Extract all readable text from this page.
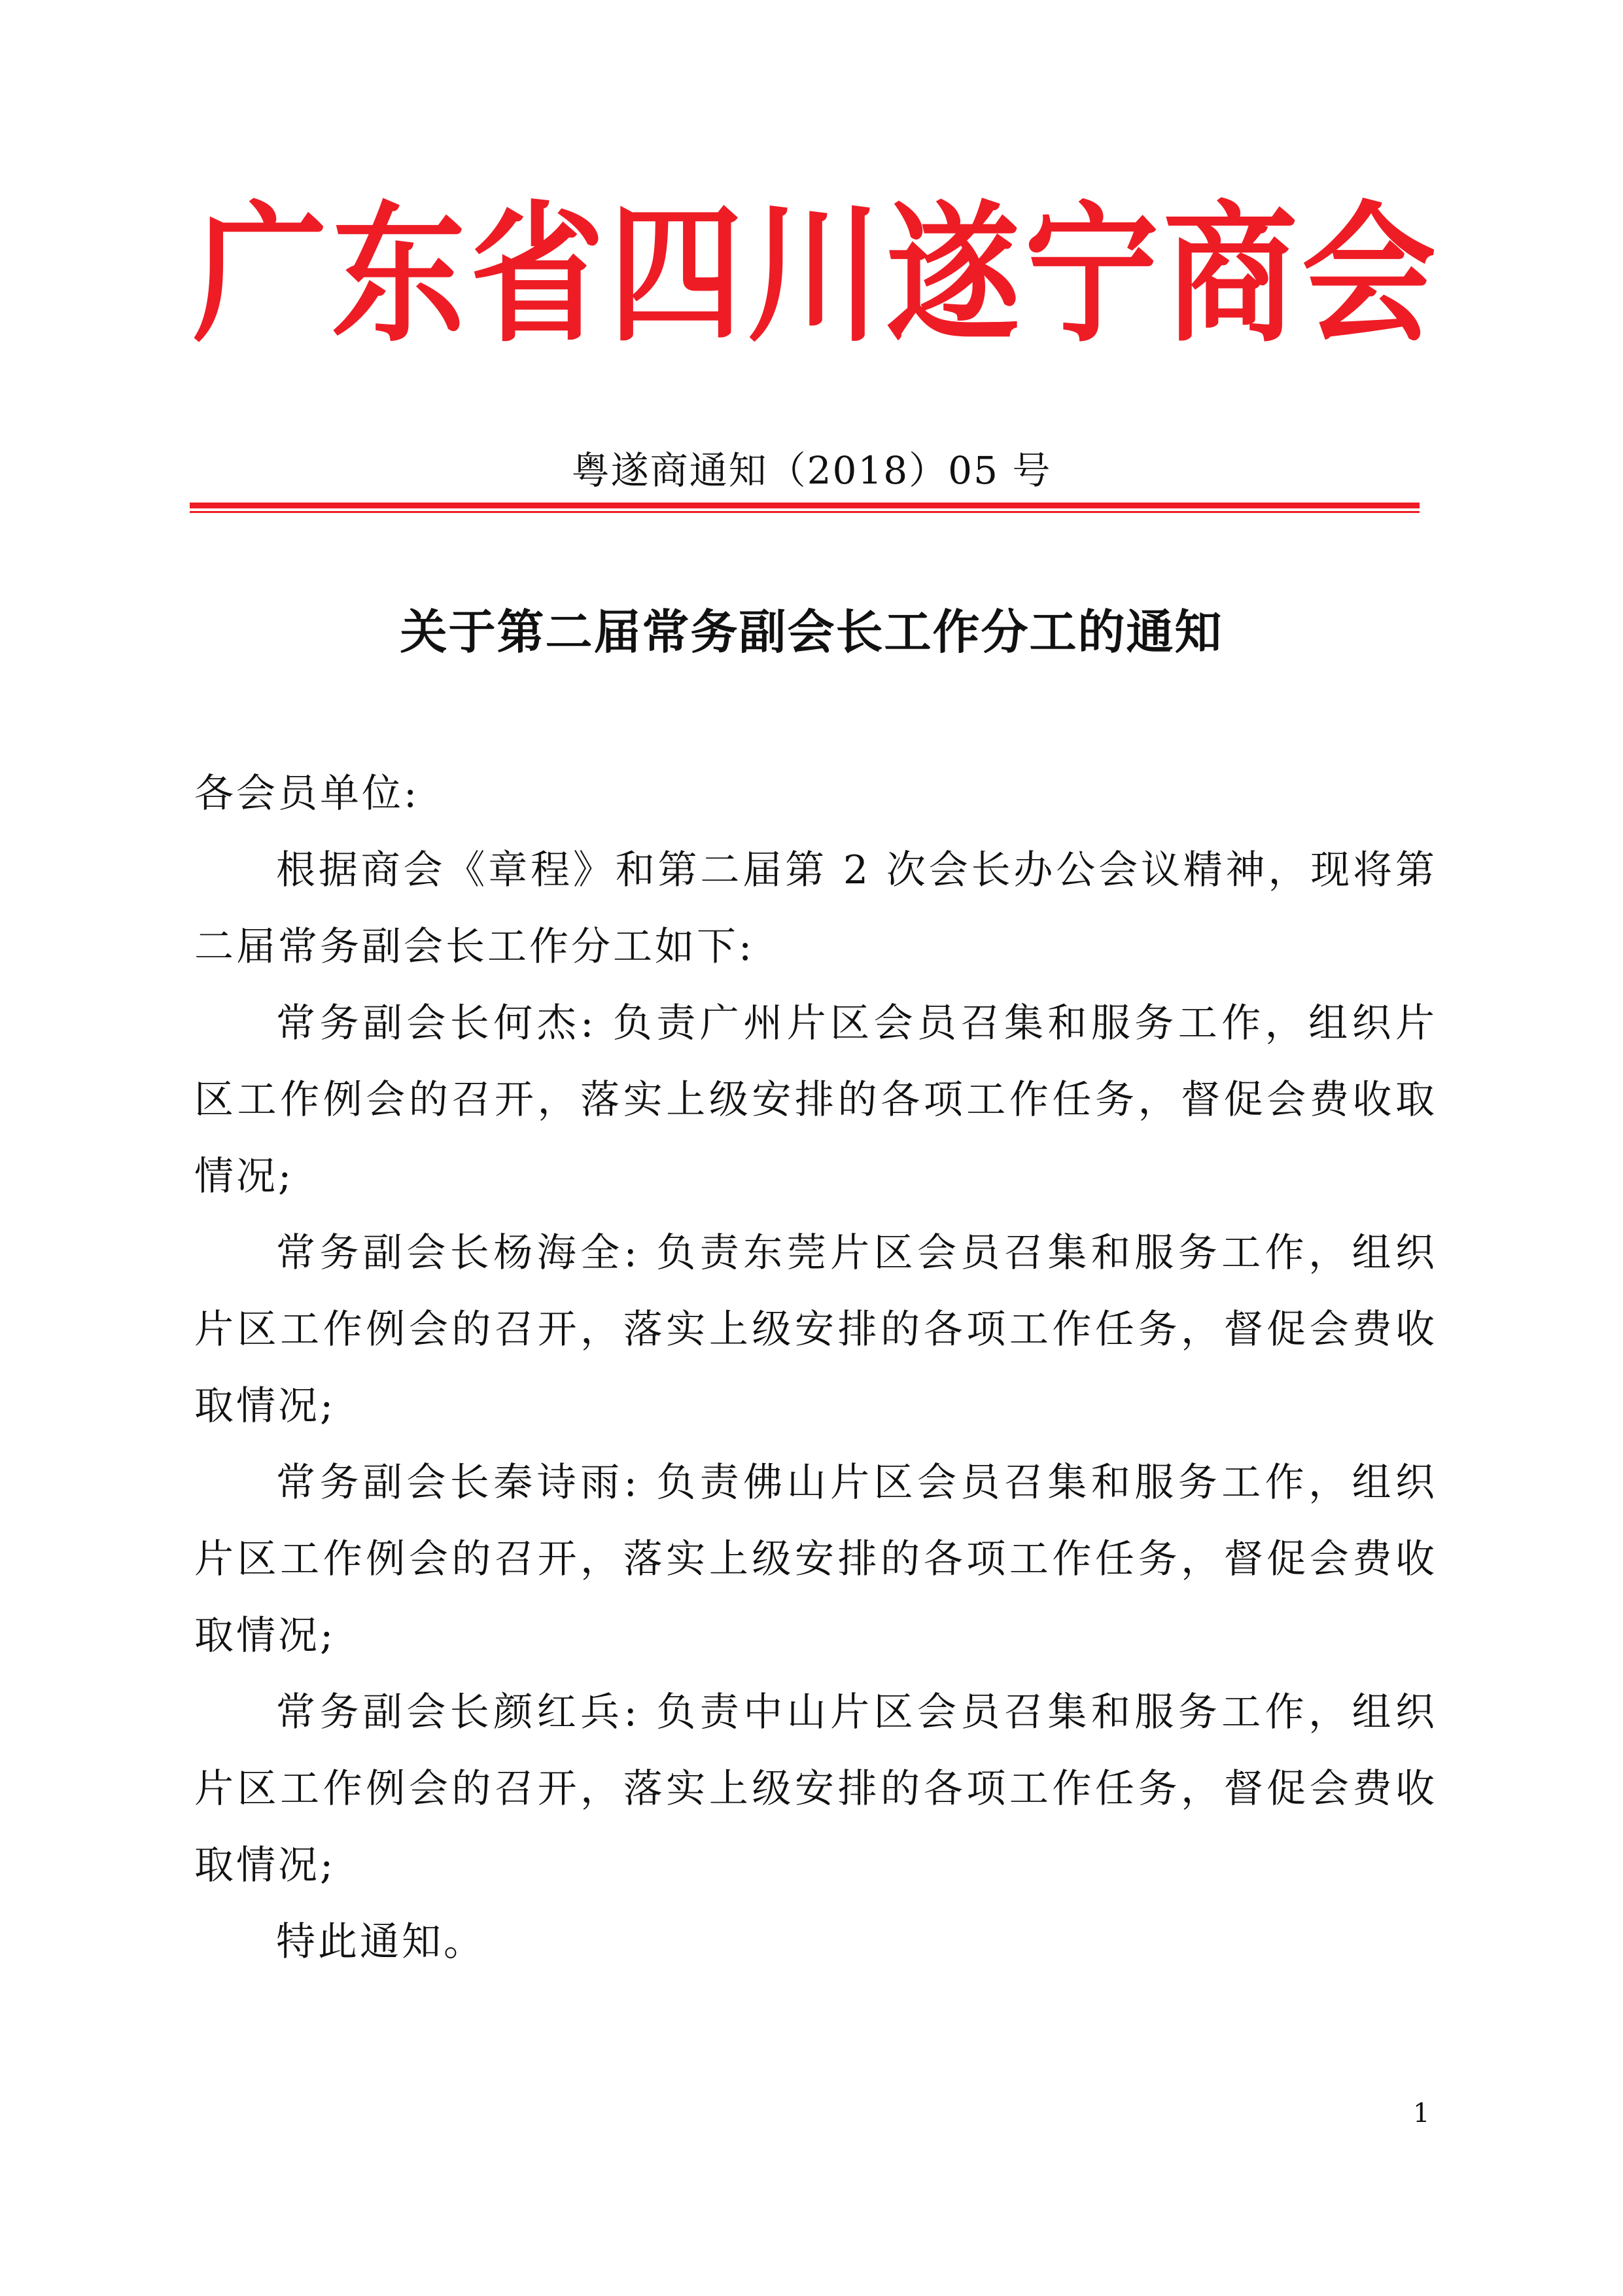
广 东 省 四 川 遂 宁 商 会
粤遂商通知（2018）05 号
关于第二届常务副会长工作分工的通知

各会员单位:

根据商会《章程》和第二届第 2 次会长办公会议精神，现将第二届常务副会长工作分工如下:

常务副会长何杰: 负责广州片区会员召集和服务工作，组织片区工作例会的召开，落实上级安排的各项工作任务，督促会费收取情况;

常务副会长杨海全: 负责东莞片区会员召集和服务工作，组织片区工作例会的召开，落实上级安排的各项工作任务，督促会费收取情况;

常务副会长秦诗雨: 负责佛山片区会员召集和服务工作，组织片区工作例会的召开，落实上级安排的各项工作任务，督促会费收取情况;

常务副会长颜红兵: 负责中山片区会员召集和服务工作，组织片区工作例会的召开，落实上级安排的各项工作任务，督促会费收取情况;

特此通知。

1
